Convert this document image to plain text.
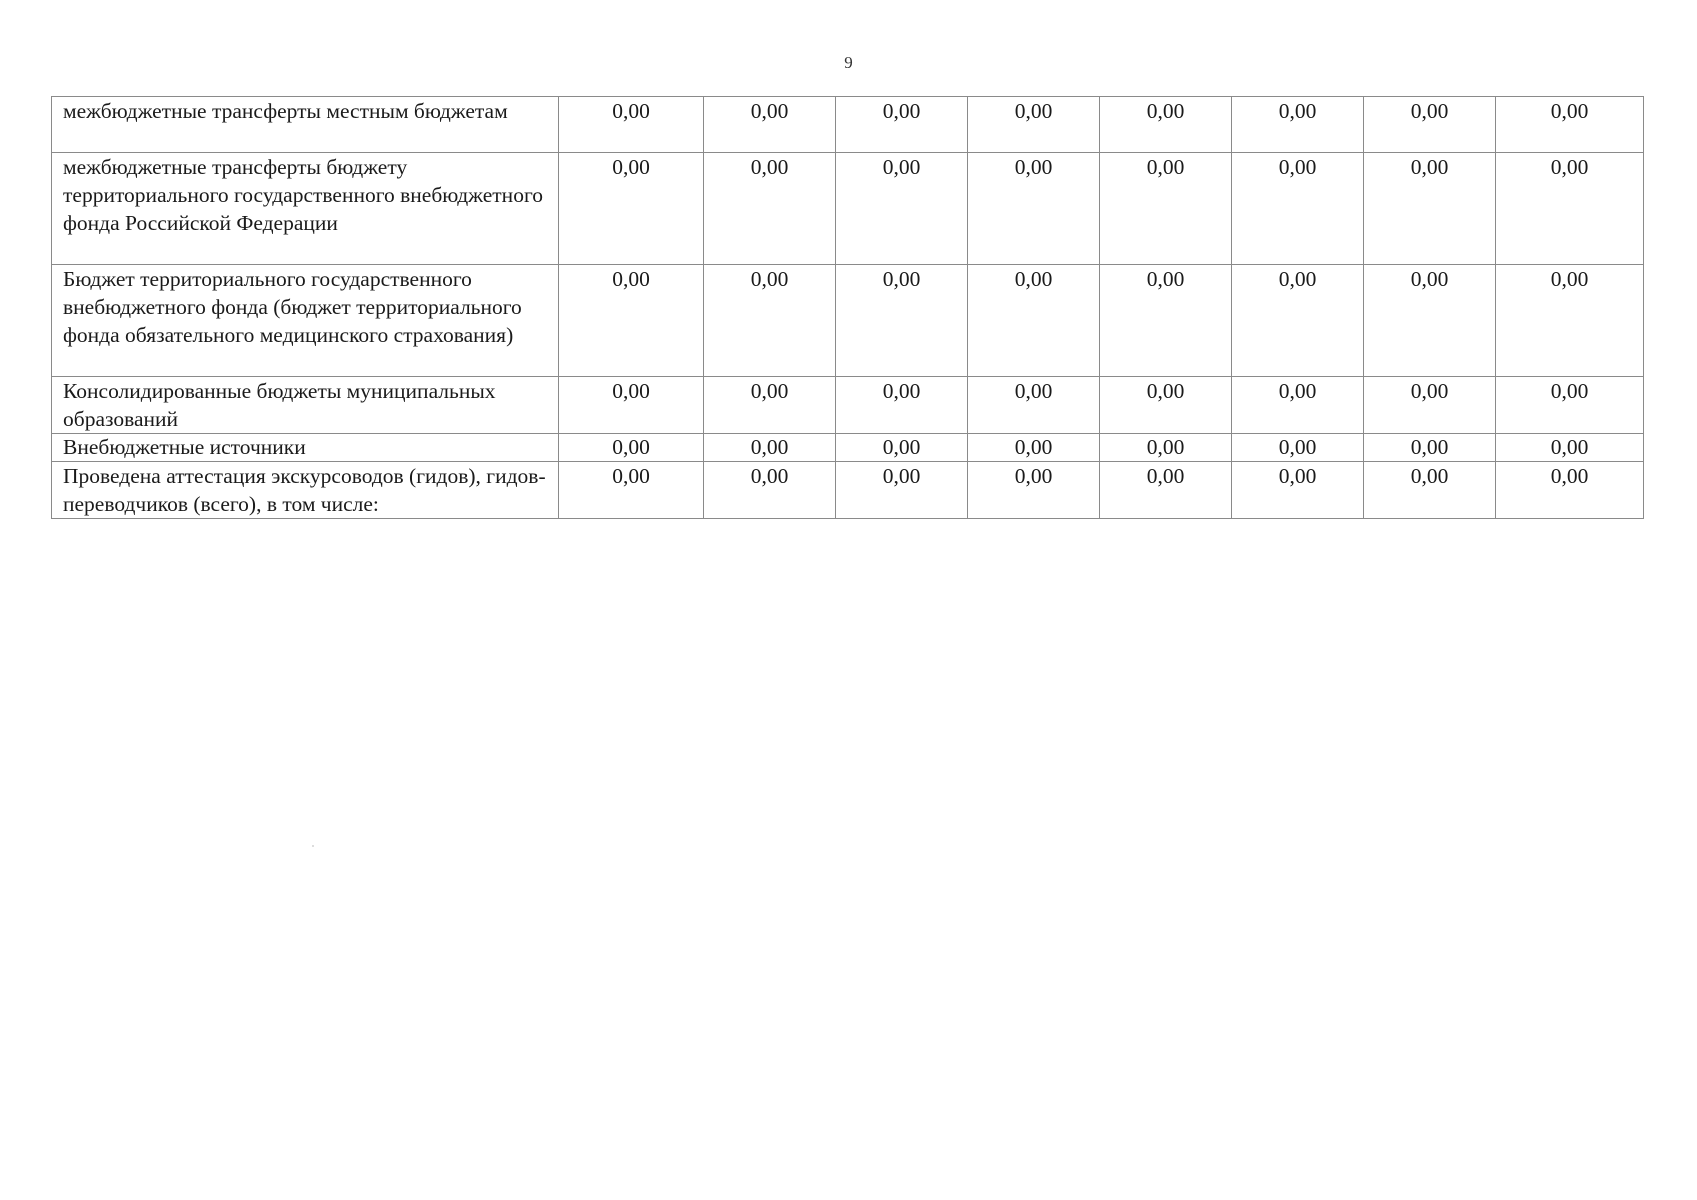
9
межбюджетные трансферты местным бюджетам	0,00	0,00	0,00	0,00	0,00	0,00	0,00	0,00
межбюджетные трансферты бюджету территориального государственного внебюджетного фонда Российской Федерации	0,00	0,00	0,00	0,00	0,00	0,00	0,00	0,00
Бюджет территориального государственного внебюджетного фонда (бюджет территориального фонда обязательного медицинского страхования)	0,00	0,00	0,00	0,00	0,00	0,00	0,00	0,00
Консолидированные бюджеты муниципальных образований	0,00	0,00	0,00	0,00	0,00	0,00	0,00	0,00
Внебюджетные источники	0,00	0,00	0,00	0,00	0,00	0,00	0,00	0,00
Проведена аттестация экскурсоводов (гидов), гидов-переводчиков (всего), в том числе:	0,00	0,00	0,00	0,00	0,00	0,00	0,00	0,00
